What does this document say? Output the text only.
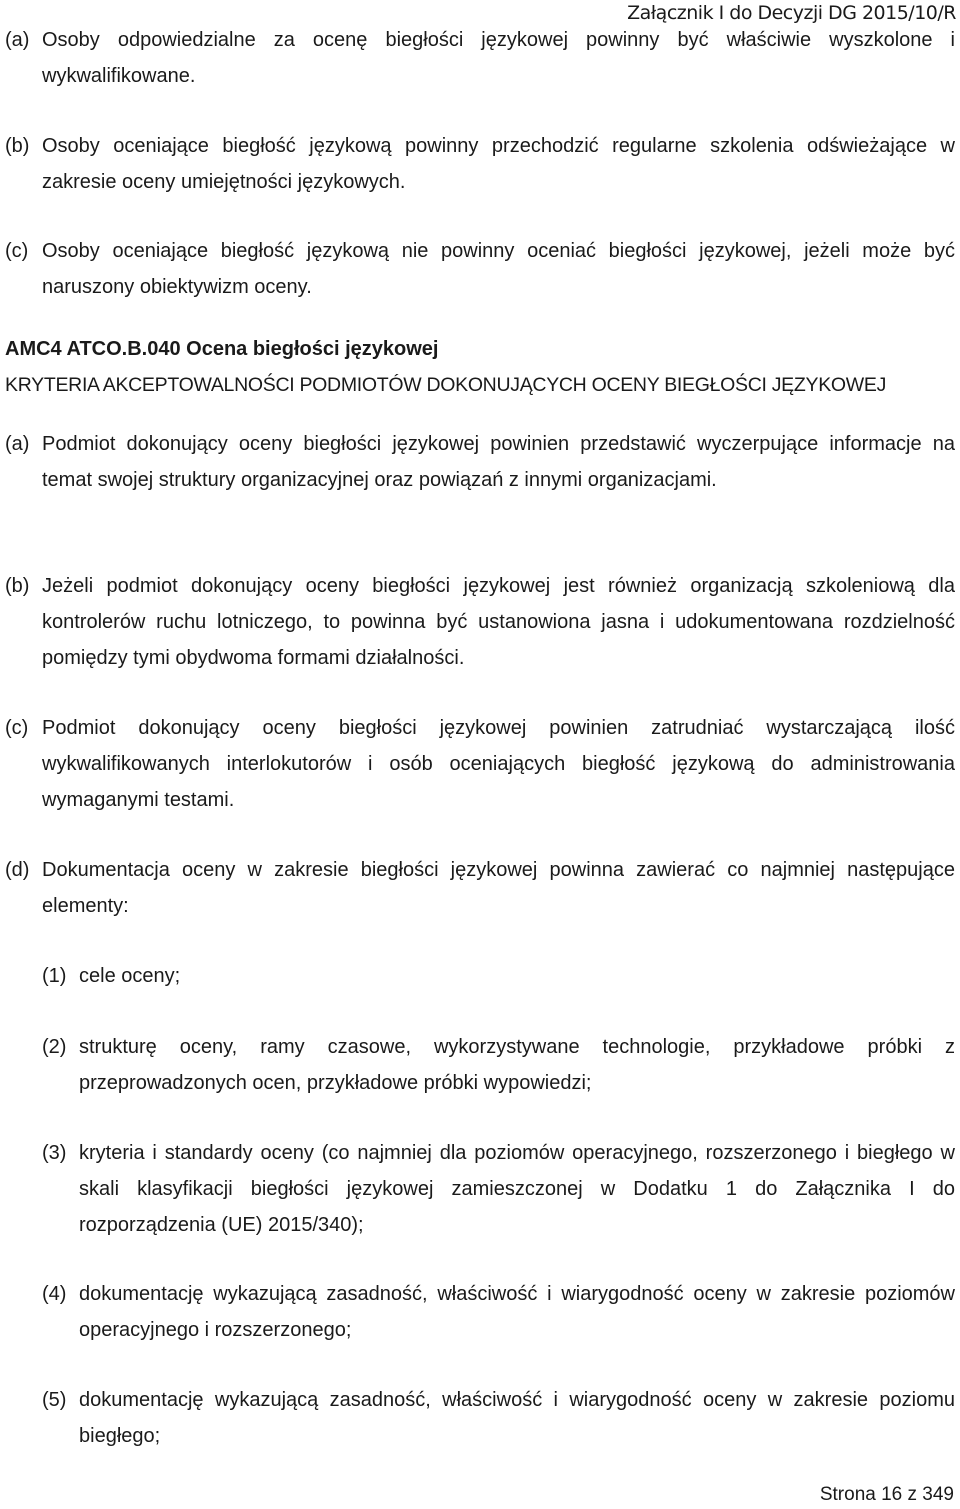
Załącznik I do Decyzji DG 2015/10/R
(a) Osoby odpowiedzialne za ocenę biegłości językowej powinny być właściwie wyszkolone i wykwalifikowane.
(b) Osoby oceniające biegłość językową powinny przechodzić regularne szkolenia odświeżające w zakresie oceny umiejętności językowych.
(c) Osoby oceniające biegłość językową nie powinny oceniać biegłości językowej, jeżeli może być naruszony obiektywizm oceny.
AMC4 ATCO.B.040 Ocena biegłości językowej
KRYTERIA AKCEPTOWALNOŚCI PODMIOTÓW DOKONUJĄCYCH OCENY BIEGŁOŚCI JĘZYKOWEJ
(a) Podmiot dokonujący oceny biegłości językowej powinien przedstawić wyczerpujące informacje na temat swojej struktury organizacyjnej oraz powiązań z innymi organizacjami.
(b) Jeżeli podmiot dokonujący oceny biegłości językowej jest również organizacją szkoleniową dla kontrolerów ruchu lotniczego, to powinna być ustanowiona jasna i udokumentowana rozdzielność pomiędzy tymi obydwoma formami działalności.
(c) Podmiot dokonujący oceny biegłości językowej powinien zatrudniać wystarczającą ilość wykwalifikowanych interlokutorów i osób oceniających biegłość językową do administrowania wymaganymi testami.
(d) Dokumentacja oceny w zakresie biegłości językowej powinna zawierać co najmniej następujące elementy:
(1) cele oceny;
(2) strukturę oceny, ramy czasowe, wykorzystywane technologie, przykładowe próbki z przeprowadzonych ocen, przykładowe próbki wypowiedzi;
(3) kryteria i standardy oceny (co najmniej dla poziomów operacyjnego, rozszerzonego i biegłego w skali klasyfikacji biegłości językowej zamieszczonej w Dodatku 1 do Załącznika I do rozporządzenia (UE) 2015/340);
(4) dokumentację wykazującą zasadność, właściwość i wiarygodność oceny w zakresie poziomów operacyjnego i rozszerzonego;
(5) dokumentację wykazującą zasadność, właściwość i wiarygodność oceny w zakresie poziomu biegłego;
Strona 16 z 349
